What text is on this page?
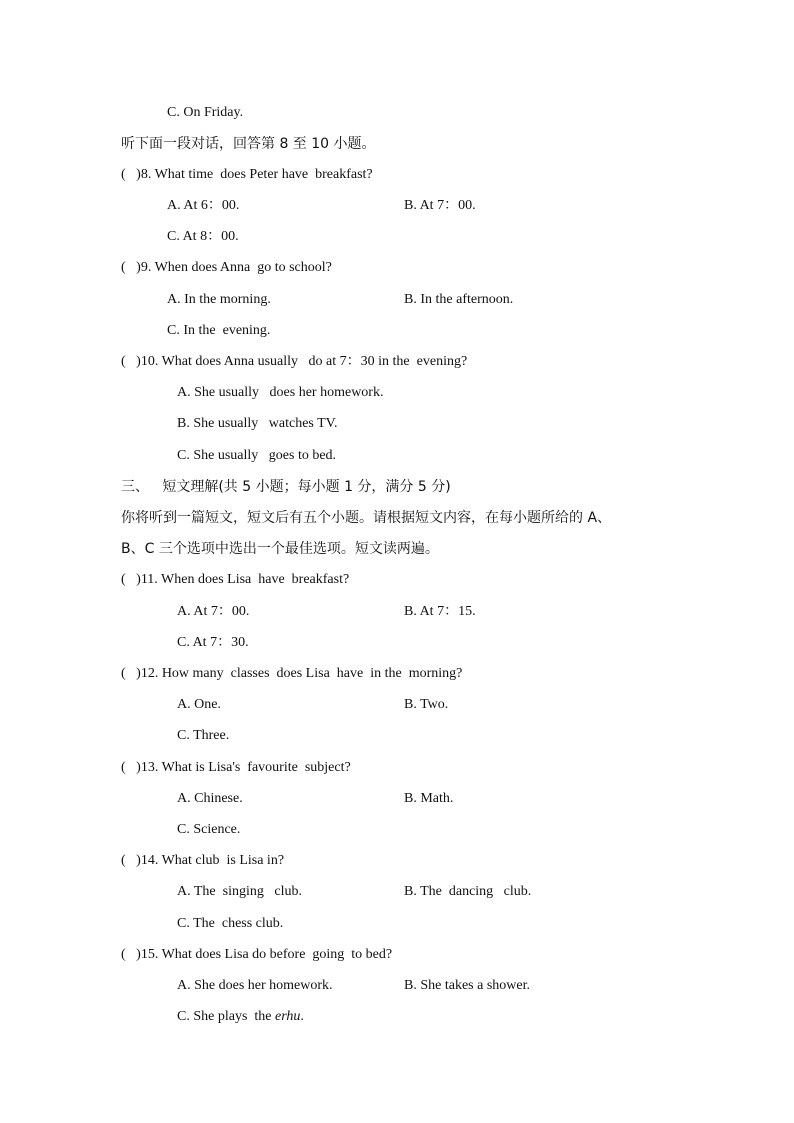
C. On Friday.
听下面一段对话，回答第 8 至 10 小题。
(   )8. What time  does Peter have  breakfast?
A. At 6：00.	B. At 7：00.
C. At 8：00.
(   )9. When does Anna  go to school?
A. In the morning.	B. In the afternoon.
C. In the  evening.
(   )10. What does Anna usually   do at 7：30 in the  evening?
A. She usually   does her homework.
B. She usually   watches TV.
C. She usually   goes to bed.
三、   短文理解(共 5 小题；每小题 1 分，满分 5 分)
你将听到一篇短文，短文后有五个小题。请根据短文内容，在每小题所给的 A、
B、C 三个选项中选出一个最佳选项。短文读两遍。
(   )11. When does Lisa  have  breakfast?
A. At 7：00.	B. At 7：15.
C. At 7：30.
(   )12. How many  classes  does Lisa  have  in the  morning?
A. One.	B. Two.
C. Three.
(   )13. What is Lisa's  favourite  subject?
A. Chinese.	B. Math.
C. Science.
(   )14. What club  is Lisa in?
A. The  singing   club.	B. The  dancing   club.
C. The  chess club.
(   )15. What does Lisa do before  going  to bed?
A. She does her homework.	B. She takes a shower.
C. She plays  the erhu.
